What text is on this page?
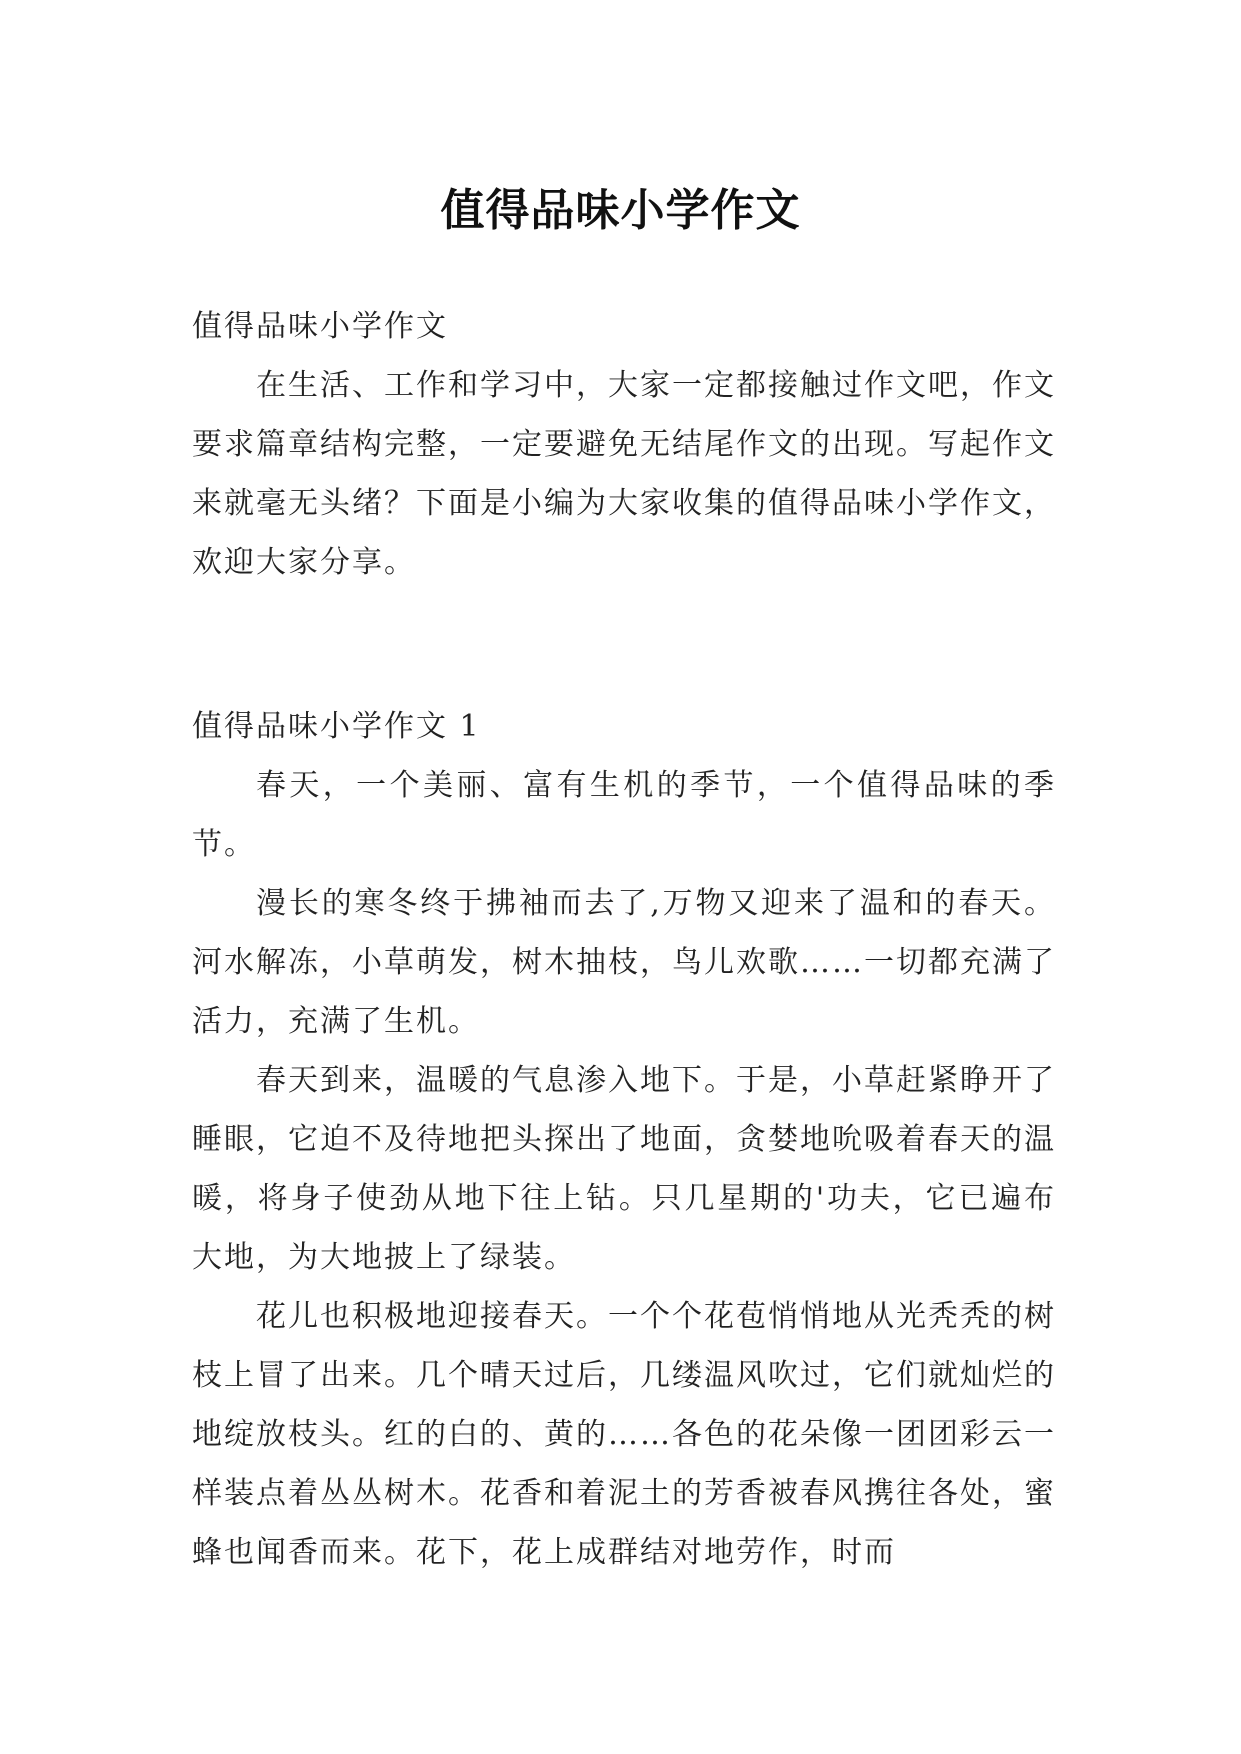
值得品味小学作文

值得品味小学作文

在生活、工作和学习中，大家一定都接触过作文吧，作文要求篇章结构完整，一定要避免无结尾作文的出现。写起作文来就毫无头绪？下面是小编为大家收集的值得品味小学作文，欢迎大家分享。

值得品味小学作文 1

春天，一个美丽、富有生机的季节，一个值得品味的季节。

漫长的寒冬终于拂袖而去了,万物又迎来了温和的春天。河水解冻，小草萌发，树木抽枝，鸟儿欢歌……一切都充满了活力，充满了生机。

春天到来，温暖的气息渗入地下。于是，小草赶紧睁开了睡眼，它迫不及待地把头探出了地面，贪婪地吮吸着春天的温暖，将身子使劲从地下往上钻。只几星期的'功夫，它已遍布大地，为大地披上了绿装。

花儿也积极地迎接春天。一个个花苞悄悄地从光秃秃的树枝上冒了出来。几个晴天过后，几缕温风吹过，它们就灿烂的地绽放枝头。红的白的、黄的……各色的花朵像一团团彩云一样装点着丛丛树木。花香和着泥土的芳香被春风携往各处，蜜蜂也闻香而来。花下，花上成群结对地劳作，时而
